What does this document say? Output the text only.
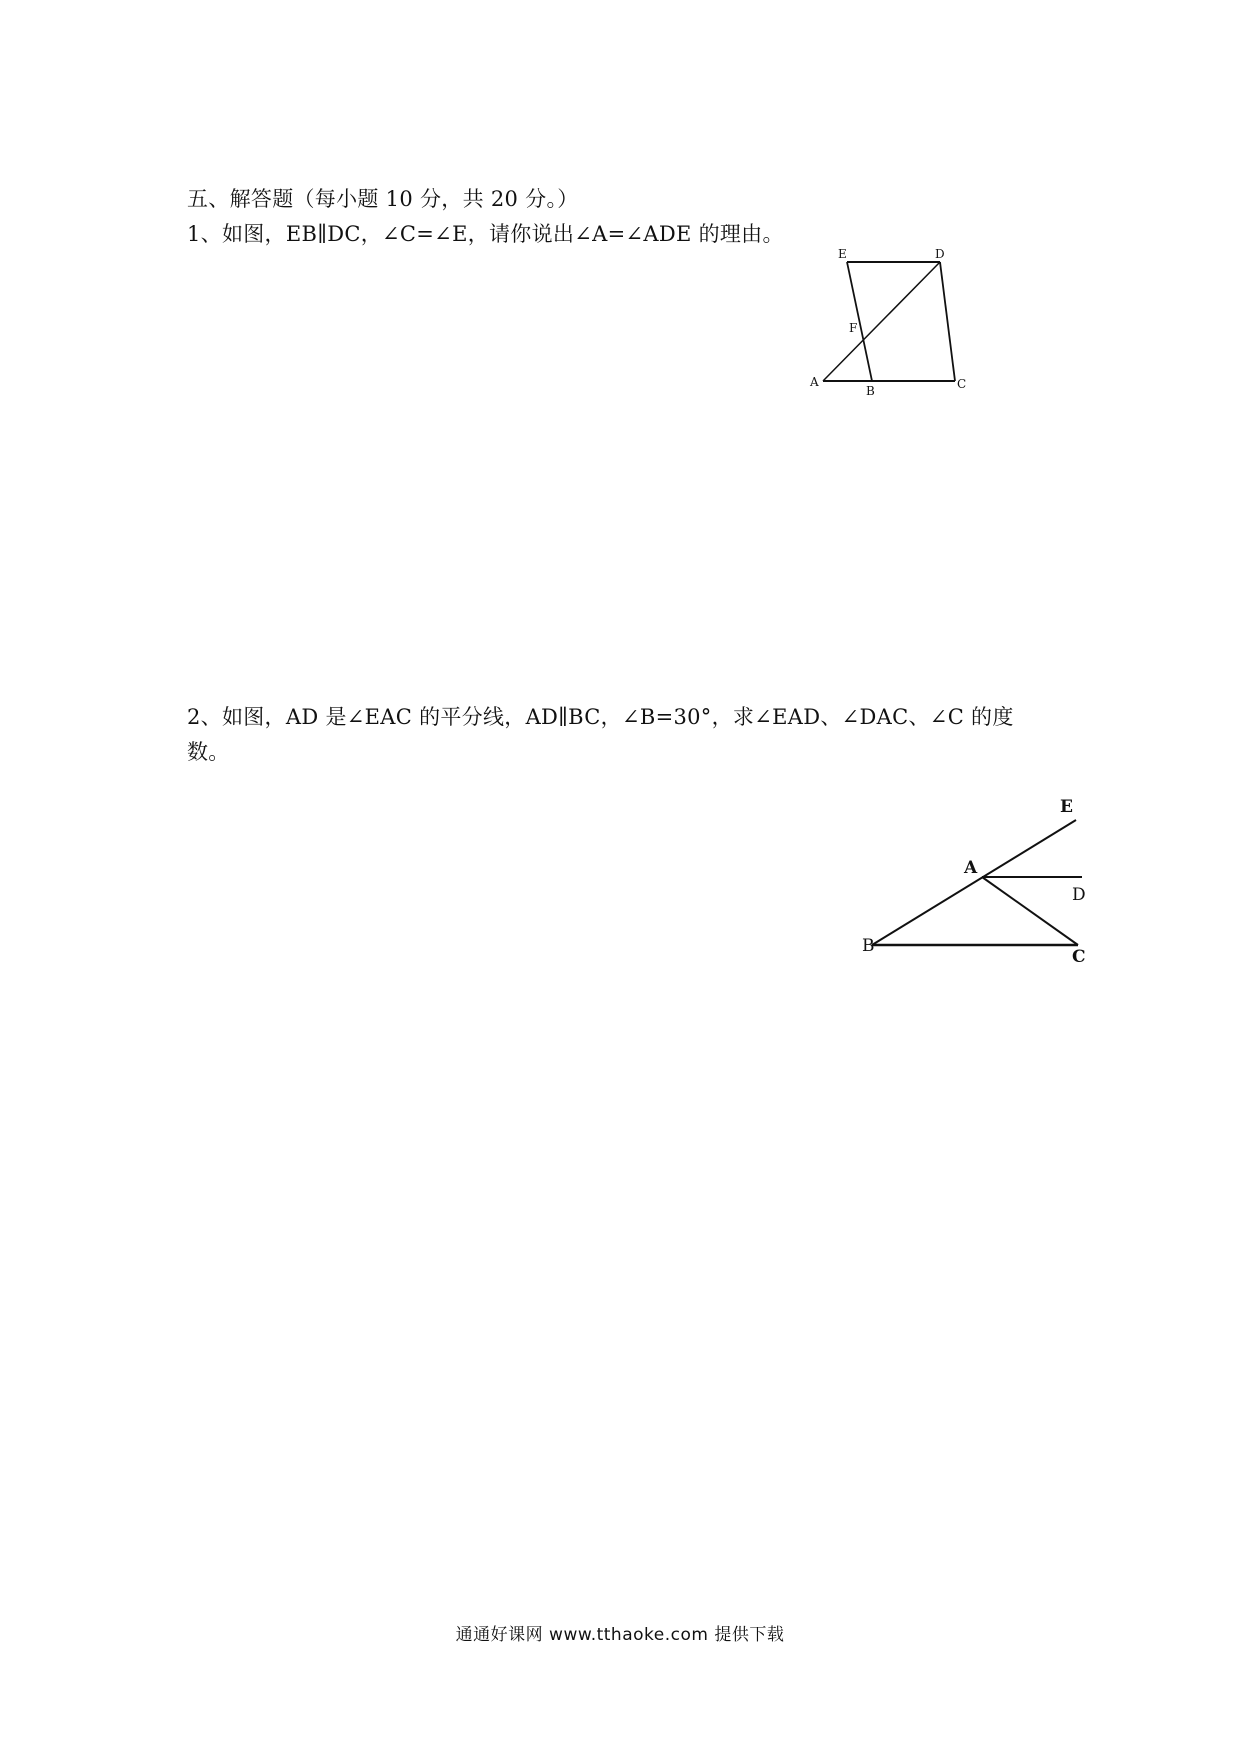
五、解答题（每小题 10 分，共 20 分。）
1、如图，EB∥DC，∠C=∠E，请你说出∠A=∠ADE 的理由。
E	D
F
A
B	C
2、如图，AD 是∠EAC 的平分线，AD∥BC，∠B=30°，求∠EAD、∠DAC、∠C 的度
数。
E
A
D
B
C
通通好课网 www.tthaoke.com 提供下载
